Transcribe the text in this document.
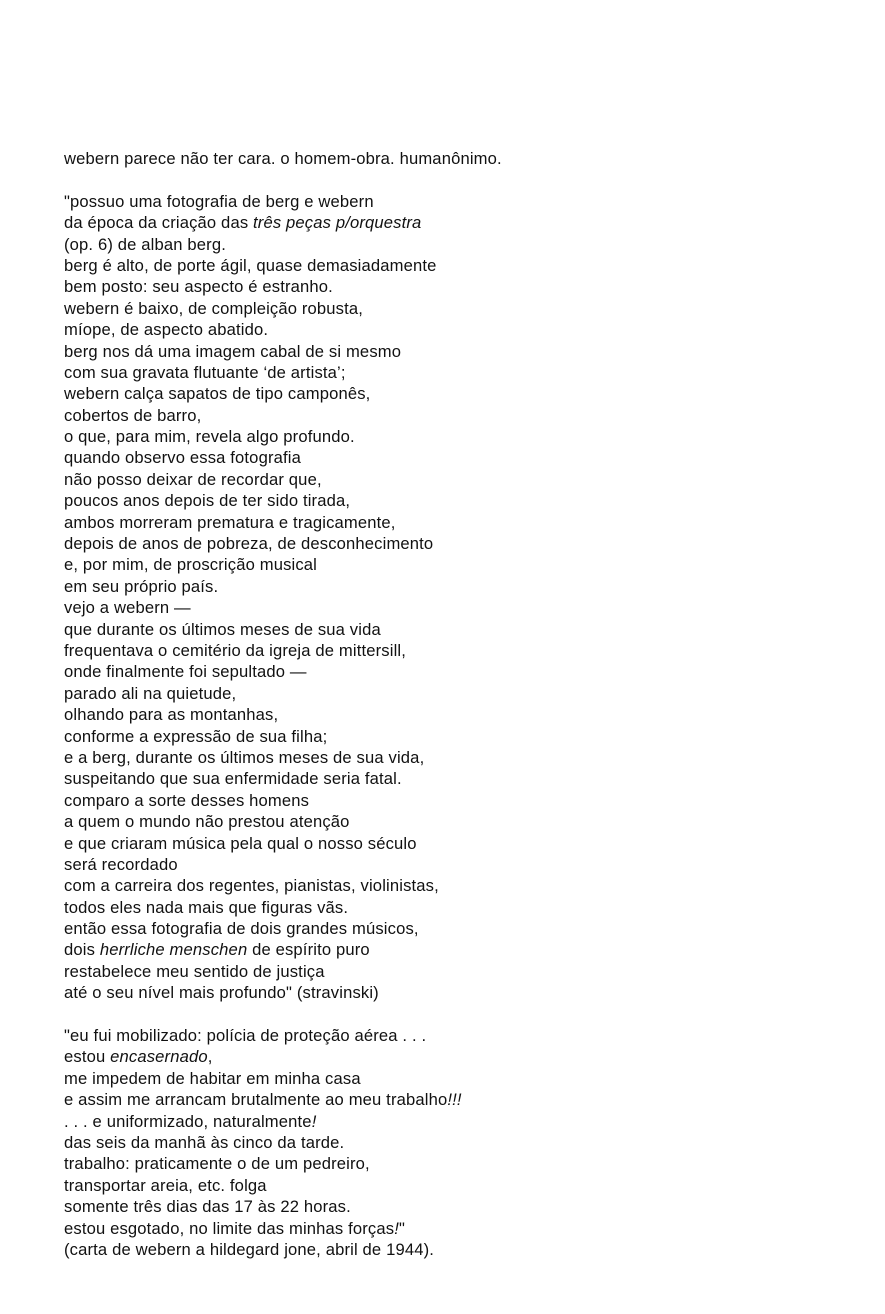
webern parece não ter cara. o homem-obra. humanônimo.
"possuo uma fotografia de berg e webern
da época da criação das três peças p/orquestra
(op. 6) de alban berg.
berg é alto, de porte ágil, quase demasiadamente
bem posto: seu aspecto é estranho.
webern é baixo, de compleição robusta,
míope, de aspecto abatido.
berg nos dá uma imagem cabal de si mesmo
com sua gravata flutuante ‘de artista’;
webern calça sapatos de tipo camponês,
cobertos de barro,
o que, para mim, revela algo profundo.
quando observo essa fotografia
não posso deixar de recordar que,
poucos anos depois de ter sido tirada,
ambos morreram prematura e tragicamente,
depois de anos de pobreza, de desconhecimento
e, por mim, de proscrição musical
em seu próprio país.
vejo a webern —
que durante os últimos meses de sua vida
frequentava o cemitério da igreja de mittersill,
onde finalmente foi sepultado —
parado ali na quietude,
olhando para as montanhas,
conforme a expressão de sua filha;
e a berg, durante os últimos meses de sua vida,
suspeitando que sua enfermidade seria fatal.
comparo a sorte desses homens
a quem o mundo não prestou atenção
e que criaram música pela qual o nosso século
será recordado
com a carreira dos regentes, pianistas, violinistas,
todos eles nada mais que figuras vãs.
então essa fotografia de dois grandes músicos,
dois herrliche menschen de espírito puro
restabelece meu sentido de justiça
até o seu nível mais profundo" (stravinski)
"eu fui mobilizado: polícia de proteção aérea . . .
estou encasernado,
me impedem de habitar em minha casa
e assim me arrancam brutalmente ao meu trabalho!!!
. . . e uniformizado, naturalmente!
das seis da manhã às cinco da tarde.
trabalho: praticamente o de um pedreiro,
transportar areia, etc. folga
somente três dias das 17 às 22 horas.
estou esgotado, no limite das minhas forças!"
(carta de webern a hildegard jone, abril de 1944).
